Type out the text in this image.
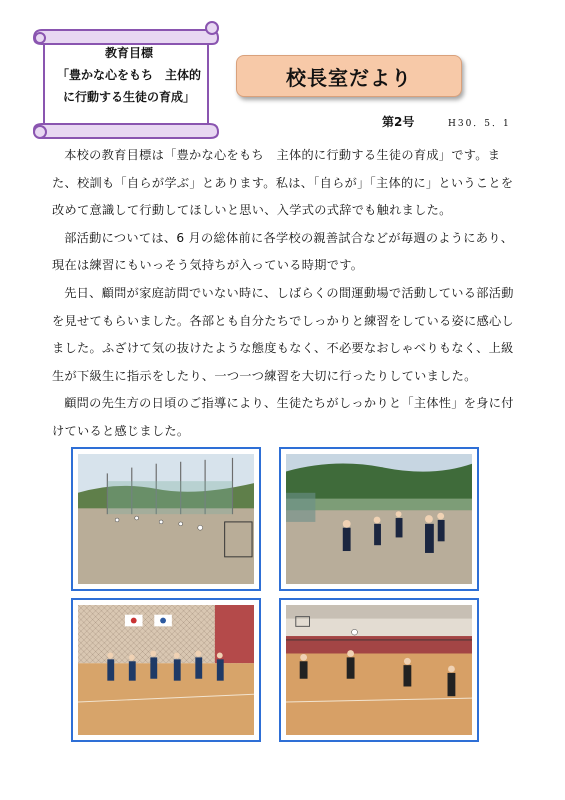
教育目標
「豊かな心をもち　主体的
に行動する生徒の育成」
校長室だより
第2号	H30．5．1

本校の教育目標は「豊かな心をもち　主体的に行動する生徒の育成」です。また、校訓も「自らが学ぶ」とあります。私は、「自らが」「主体的に」ということを改めて意識して行動してほしいと思い、入学式の式辞でも触れました。

部活動については、6 月の総体前に各学校の親善試合などが毎週のようにあり、現在は練習にもいっそう気持ちが入っている時期です。

先日、顧問が家庭訪問でいない時に、しばらくの間運動場で活動している部活動を見せてもらいました。各部とも自分たちでしっかりと練習をしている姿に感心しました。ふざけて気の抜けたような態度もなく、不必要なおしゃべりもなく、上級生が下級生に指示をしたり、一つ一つ練習を大切に行ったりしていました。

顧問の先生方の日頃のご指導により、生徒たちがしっかりと「主体性」を身に付けていると感じました。
